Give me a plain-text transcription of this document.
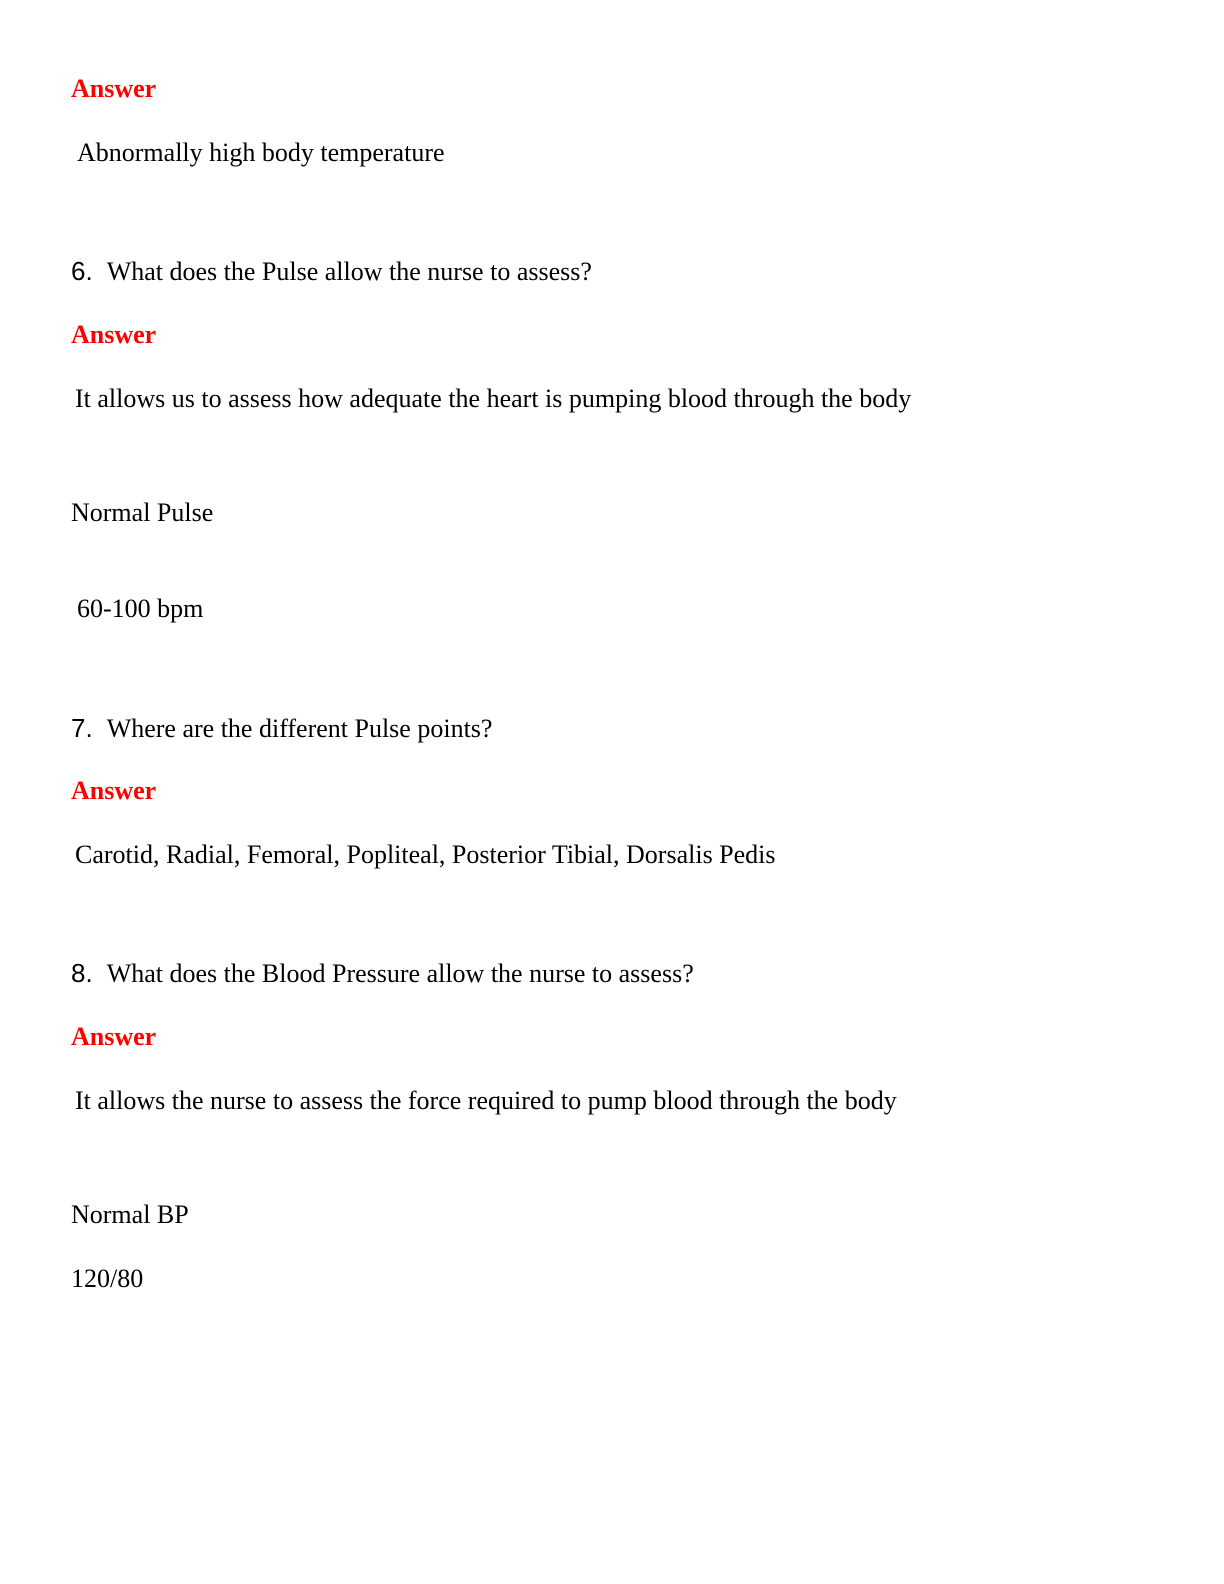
Answer
Abnormally high body temperature
6. What does the Pulse allow the nurse to assess?
Answer
It allows us to assess how adequate the heart is pumping blood through the body
Normal Pulse
60-100 bpm
7. Where are the different Pulse points?
Answer
Carotid, Radial, Femoral, Popliteal, Posterior Tibial, Dorsalis Pedis
8. What does the Blood Pressure allow the nurse to assess?
Answer
It allows the nurse to assess the force required to pump blood through the body
Normal BP
120/80
